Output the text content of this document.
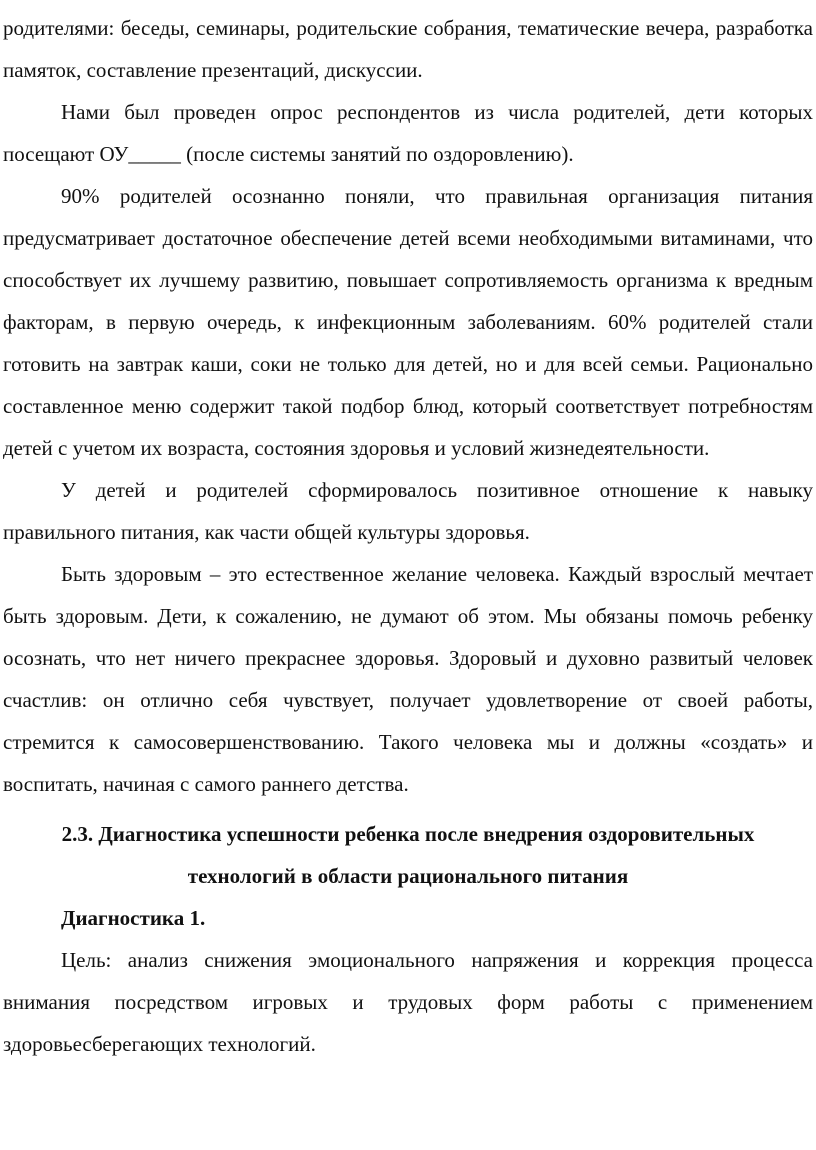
родителями: беседы, семинары, родительские собрания, тематические вечера, разработка памяток, составление презентаций, дискуссии.

Нами был проведен опрос респондентов из числа родителей, дети которых посещают ОУ_____ (после системы занятий по оздоровлению).

90% родителей осознанно поняли, что правильная организация питания предусматривает достаточное обеспечение детей всеми необходимыми витаминами, что способствует их лучшему развитию, повышает сопротивляемость организма к вредным факторам, в первую очередь, к инфекционным заболеваниям. 60% родителей стали готовить на завтрак каши, соки не только для детей, но и для всей семьи. Рационально составленное меню содержит такой подбор блюд, который соответствует потребностям детей с учетом их возраста, состояния здоровья и условий жизнедеятельности.

У детей и родителей сформировалось позитивное отношение к навыку правильного питания, как части общей культуры здоровья.

Быть здоровым – это естественное желание человека. Каждый взрослый мечтает быть здоровым. Дети, к сожалению, не думают об этом. Мы обязаны помочь ребенку осознать, что нет ничего прекраснее здоровья. Здоровый и духовно развитый человек счастлив: он отлично себя чувствует, получает удовлетворение от своей работы, стремится к самосовершенствованию. Такого человека мы и должны «создать» и воспитать, начиная с самого раннего детства.

2.3. Диагностика успешности ребенка после внедрения оздоровительных технологий в области рационального питания

Диагностика 1.

Цель: анализ снижения эмоционального напряжения и коррекция процесса внимания посредством игровых и трудовых форм работы с применением здоровьесберегающих технологий.
